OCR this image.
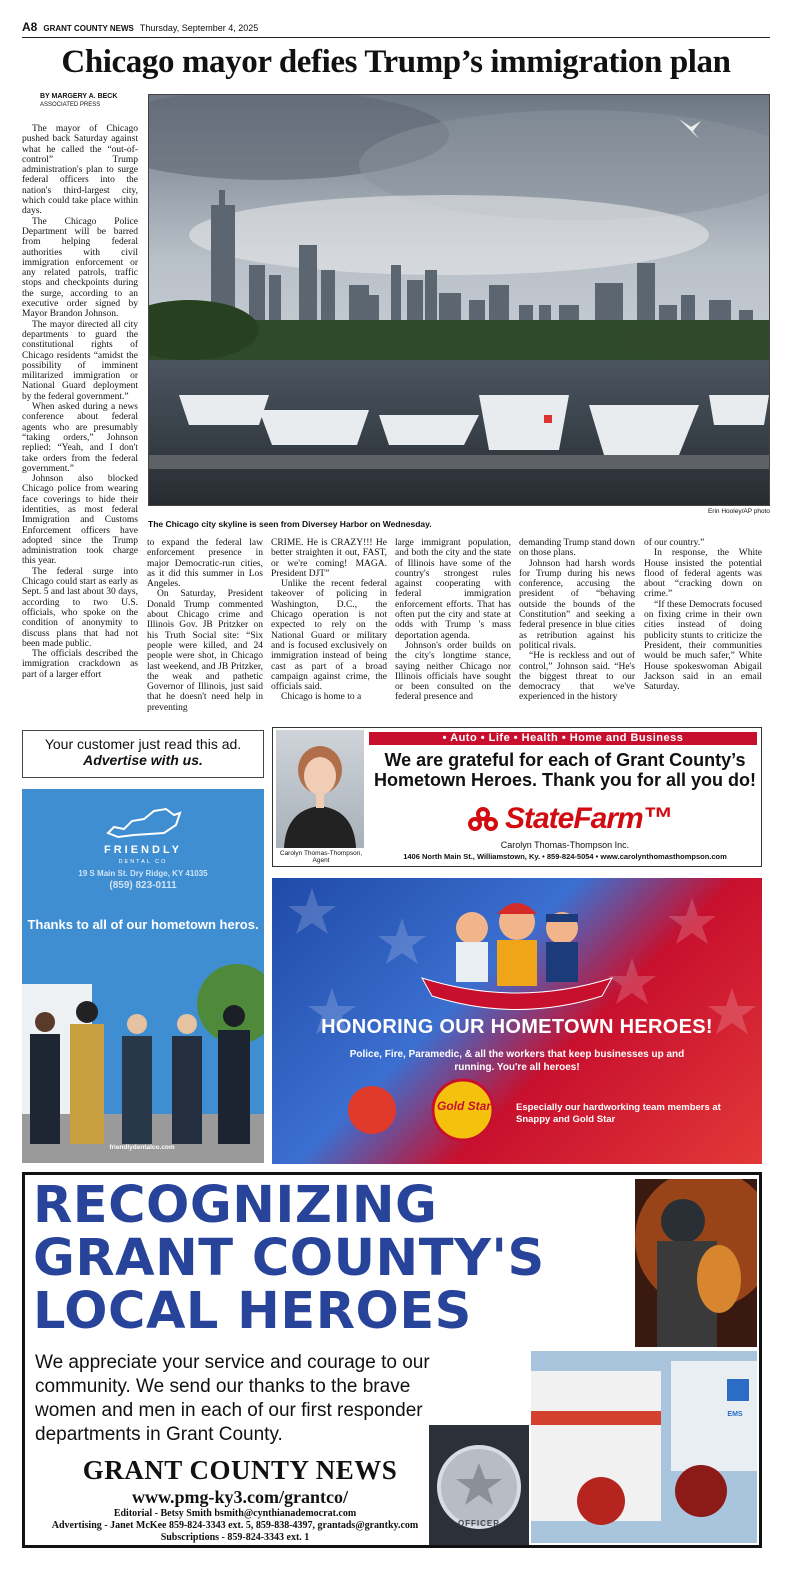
A8 GRANT COUNTY NEWS Thursday, September 4, 2025
Chicago mayor defies Trump’s immigration plan
BY MARGERY A. BECK
ASSOCIATED PRESS
Erin Hooley/AP photo
The Chicago city skyline is seen from Diversey Harbor on Wednesday.

The mayor of Chicago pushed back Saturday against what he called the “out-of-control” Trump administration's plan to surge federal officers into the nation's third-largest city, which could take place within days.

The Chicago Police Department will be barred from helping federal authorities with civil immigration enforcement or any related patrols, traffic stops and checkpoints during the surge, according to an executive order signed by Mayor Brandon Johnson.

The mayor directed all city departments to guard the constitutional rights of Chicago residents “amidst the possibility of imminent militarized immigration or National Guard deployment by the federal government.”

When asked during a news conference about federal agents who are presumably “taking orders,” Johnson replied: “Yeah, and I don't take orders from the federal government.”

Johnson also blocked Chicago police from wearing face coverings to hide their identities, as most federal Immigration and Customs Enforcement officers have adopted since the Trump administration took charge this year.

The federal surge into Chicago could start as early as Sept. 5 and last about 30 days, according to two U.S. officials, who spoke on the condition of anonymity to discuss plans that had not been made public.

The officials described the immigration crackdown as part of a larger effort

to expand the federal law enforcement presence in major Democratic-run cities, as it did this summer in Los Angeles.

On Saturday, President Donald Trump commented about Chicago crime and Illinois Gov. JB Pritzker on his Truth Social site: “Six people were killed, and 24 people were shot, in Chicago last weekend, and JB Pritzker, the weak and pathetic Governor of Illinois, just said that he doesn't need help in preventing

CRIME. He is CRAZY!!! He better straighten it out, FAST, or we're coming! MAGA. President DJT”

Unlike the recent federal takeover of policing in Washington, D.C., the Chicago operation is not expected to rely on the National Guard or military and is focused exclusively on immigration instead of being cast as part of a broad campaign against crime, the officials said.

Chicago is home to a

large immigrant population, and both the city and the state of Illinois have some of the country's strongest rules against cooperating with federal immigration enforcement efforts. That has often put the city and state at odds with Trump 's mass deportation agenda.

Johnson's order builds on the city's longtime stance, saying neither Chicago nor Illinois officials have sought or been consulted on the federal presence and

demanding Trump stand down on those plans.

Johnson had harsh words for Trump during his news conference, accusing the president of “behaving outside the bounds of the Constitution” and seeking a federal presence in blue cities as retribution against his political rivals.

“He is reckless and out of control,” Johnson said. “He's the biggest threat to our democracy that we've experienced in the history

of our country.”

In response, the White House insisted the potential flood of federal agents was about “cracking down on crime.”

“If these Democrats focused on fixing crime in their own cities instead of doing publicity stunts to criticize the President, their communities would be much safer,” White House spokeswoman Abigail Jackson said in an email Saturday.

Your customer just read this ad.
Advertise with us.
Carolyn Thomas-Thompson, Agent
• Auto • Life • Health • Home and Business
We are grateful for each of Grant County’s Hometown Heroes. Thank you for all you do!
StateFarm™
Carolyn Thomas-Thompson Inc.
1406 North Main St., Williamstown, Ky. • 859-824-5054 • www.carolynthomasthompson.com
FRIENDLY
DENTAL CO
19 S Main St. Dry Ridge, KY 41035
(859) 823-0111
Thanks to all of our hometown heros.
friendlydentalco.com
HONORING OUR HOMETOWN HEROES!
Police, Fire, Paramedic, & all the workers that keep businesses up and running. You're all heroes!
Gold Star	Especially our hardworking team members at Snappy and Gold Star
RECOGNIZING
GRANT COUNTY'S
LOCAL HEROES
We appreciate your service and courage to our community. We send our thanks to the brave women and men in each of our first responder departments in Grant County.
EMS
OFFICER
GRANT COUNTY NEWS
www.pmg-ky3.com/grantco/
Editorial - Betsy Smith bsmith@cynthianademocrat.com
Advertising - Janet McKee 859-824-3343 ext. 5, 859-838-4397, grantads@grantky.com
Subscriptions - 859-824-3343 ext. 1
